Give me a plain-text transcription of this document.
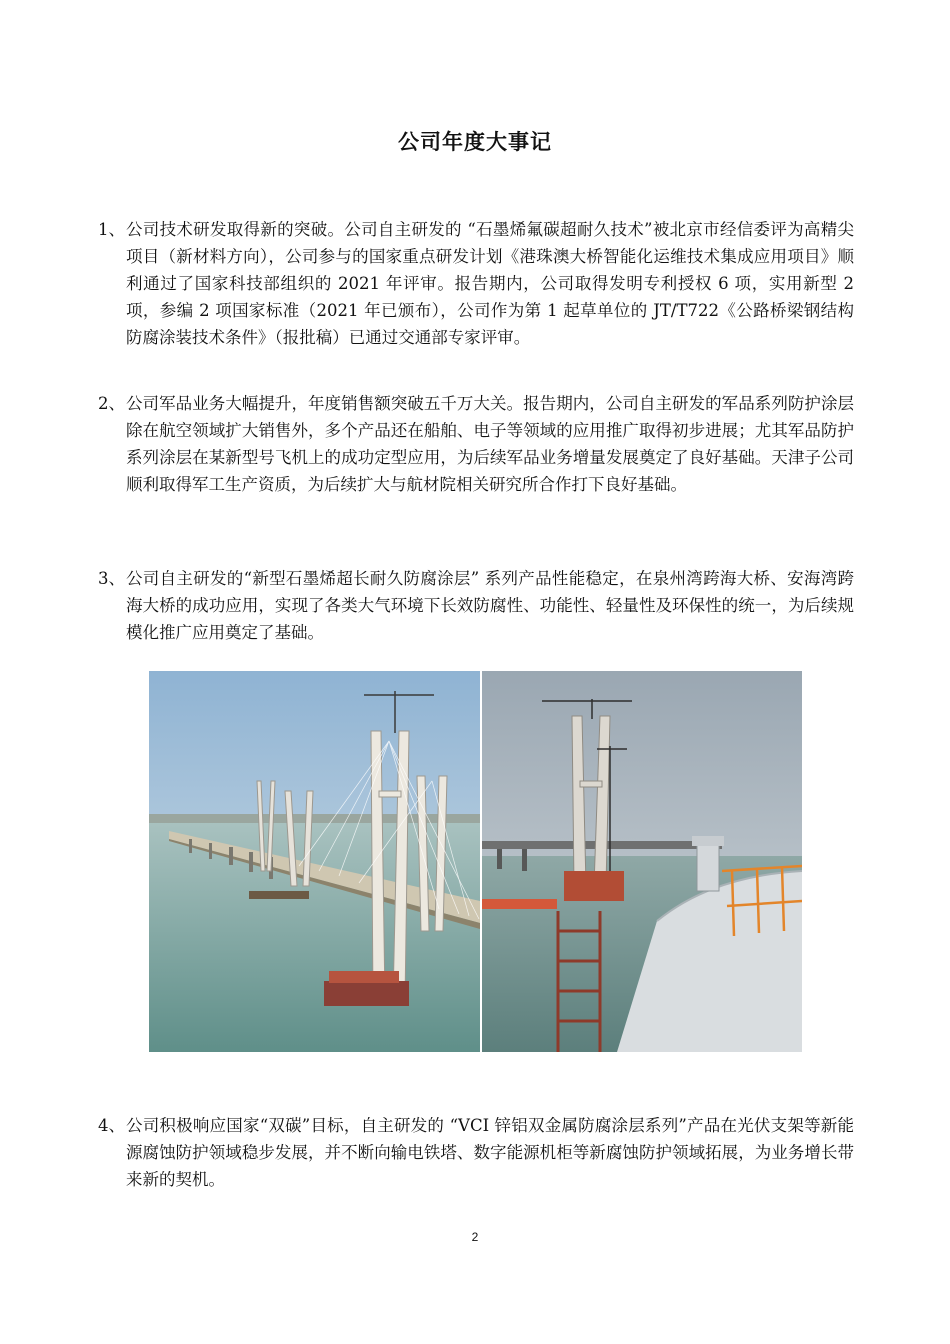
公司年度大事记
1、 公司技术研发取得新的突破。公司自主研发的 “石墨烯氟碳超耐久技术”被北京市经信委评为高精尖项目（新材料方向），公司参与的国家重点研发计划《港珠澳大桥智能化运维技术集成应用项目》顺利通过了国家科技部组织的 2021 年评审。报告期内，公司取得发明专利授权 6 项，实用新型 2 项，参编 2 项国家标准（2021 年已颁布），公司作为第 1 起草单位的 JT/T722《公路桥梁钢结构防腐涂装技术条件》（报批稿）已通过交通部专家评审。
2、 公司军品业务大幅提升，年度销售额突破五千万大关。报告期内，公司自主研发的军品系列防护涂层除在航空领域扩大销售外，多个产品还在船舶、电子等领域的应用推广取得初步进展；尤其军品防护系列涂层在某新型号飞机上的成功定型应用，为后续军品业务增量发展奠定了良好基础。天津子公司顺利取得军工生产资质，为后续扩大与航材院相关研究所合作打下良好基础。
3、 公司自主研发的“新型石墨烯超长耐久防腐涂层” 系列产品性能稳定，在泉州湾跨海大桥、安海湾跨海大桥的成功应用，实现了各类大气环境下长效防腐性、功能性、轻量性及环保性的统一，为后续规模化推广应用奠定了基础。
4、 公司积极响应国家“双碳”目标，自主研发的 “VCI 锌铝双金属防腐涂层系列”产品在光伏支架等新能源腐蚀防护领域稳步发展，并不断向输电铁塔、数字能源机柜等新腐蚀防护领域拓展，为业务增长带来新的契机。
2
